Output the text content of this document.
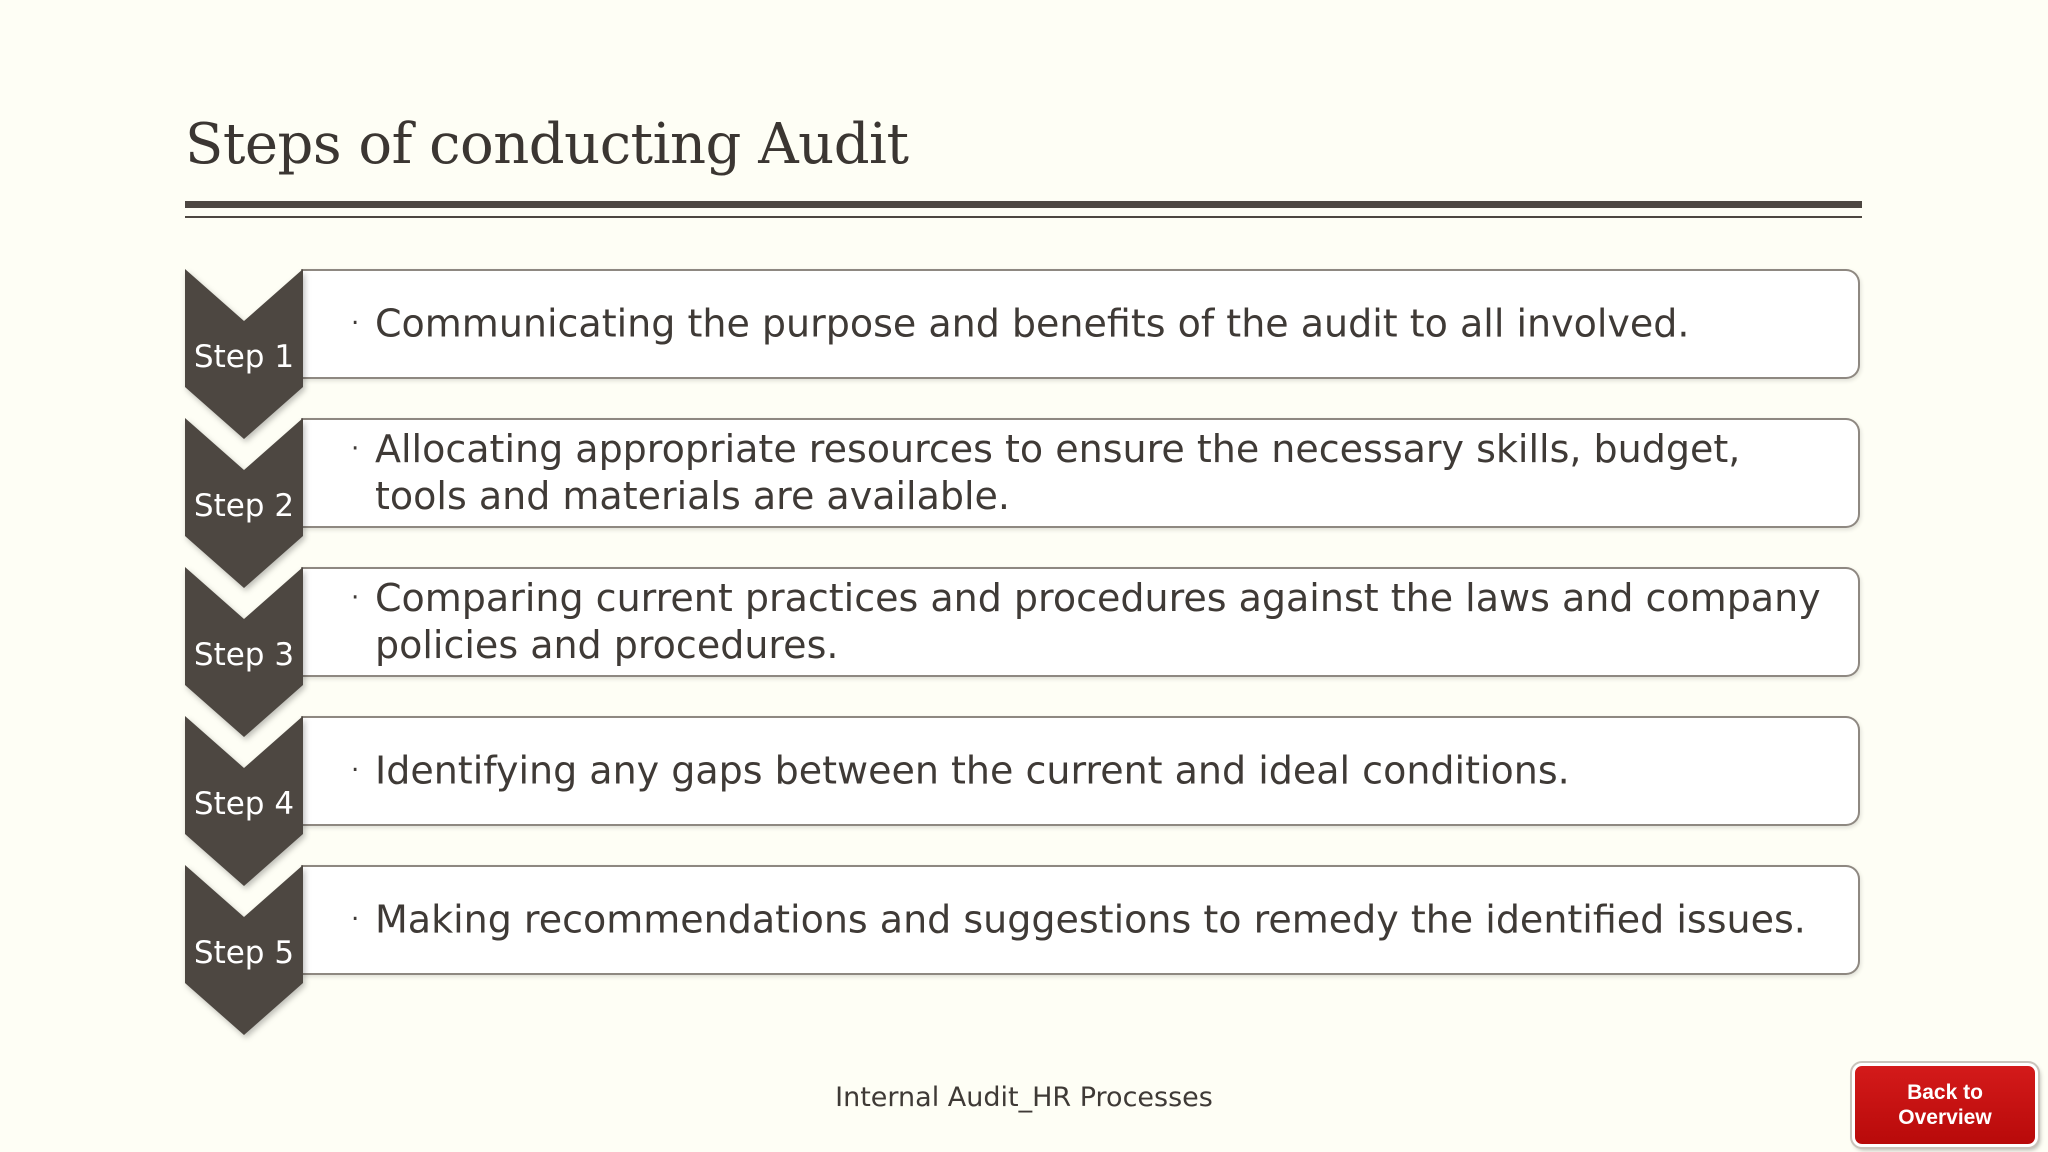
Steps of conducting Audit
· Communicating the purpose and benefits of the audit to all involved.
Step 1
· Allocating appropriate resources to ensure the necessary skills, budget, tools and materials are available.
Step 2
· Comparing current practices and procedures against the laws and company policies and procedures.
Step 3
· Identifying any gaps between the current and ideal conditions.
Step 4
· Making recommendations and suggestions to remedy the identified issues.
Step 5
Internal Audit_HR Processes	Back to Overview
